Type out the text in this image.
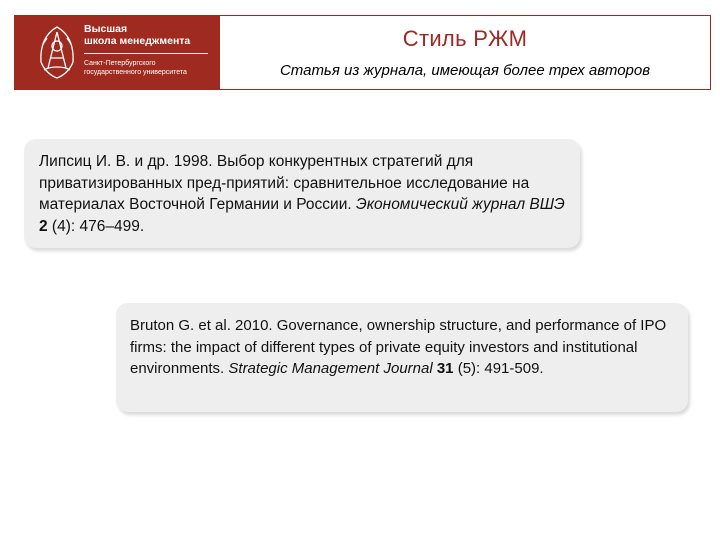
Высшая
школа менеджмента
Санкт-Петербургского
государственного университета
Стиль РЖМ
Статья из журнала, имеющая более трех авторов
Липсиц И. В. и др. 1998. Выбор конкурентных стратегий для приватизированных пред-приятий: сравнительное исследование на материалах Восточной Германии и России. Экономический журнал ВШЭ 2 (4): 476–499.
Bruton G. et al. 2010. Governance, ownership structure, and performance of IPO firms: the impact of different types of private equity investors and institutional environments. Strategic Management Journal 31 (5): 491-509.
